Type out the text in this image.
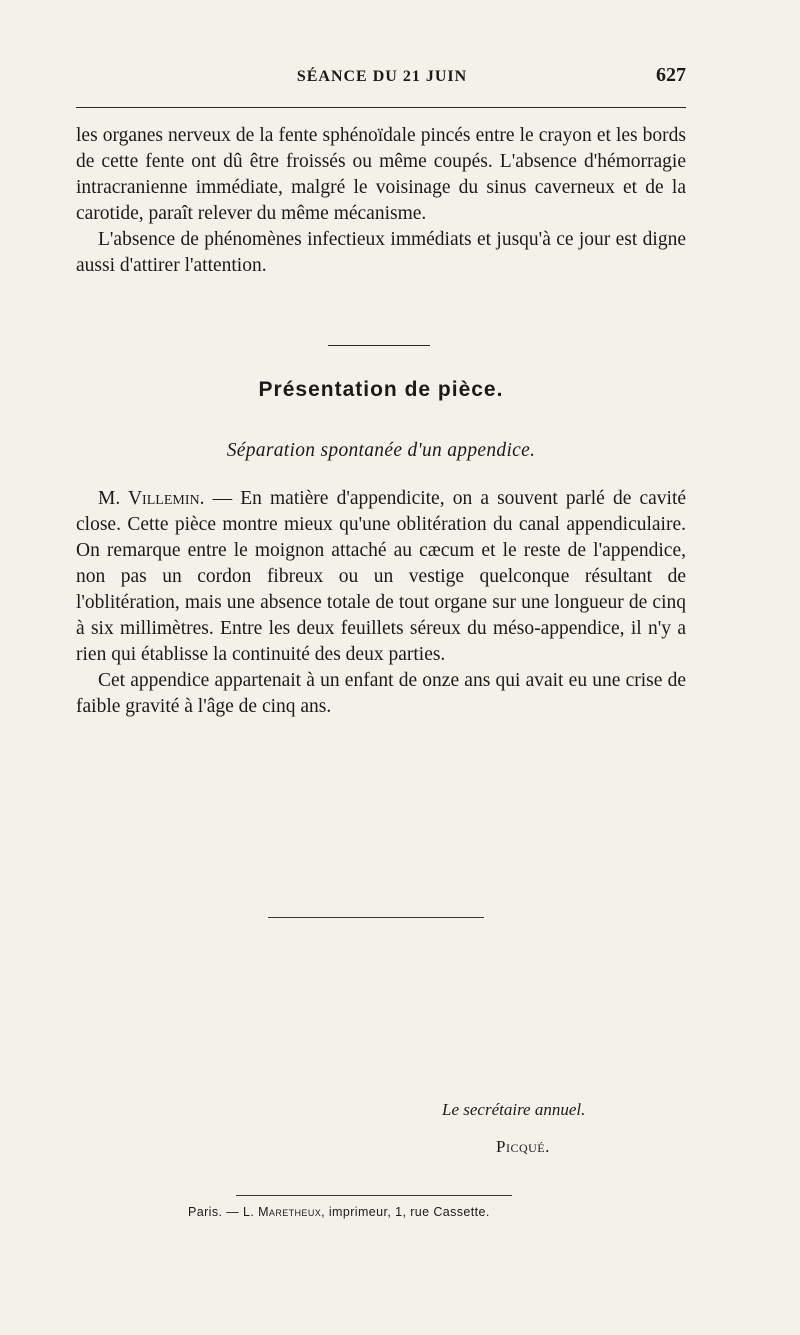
SÉANCE DU 21 JUIN	627

les organes nerveux de la fente sphénoïdale pincés entre le crayon et les bords de cette fente ont dû être froissés ou même coupés. L'absence d'hémorragie intracranienne immédiate, malgré le voisinage du sinus caverneux et de la carotide, paraît relever du même mécanisme.

L'absence de phénomènes infectieux immédiats et jusqu'à ce jour est digne aussi d'attirer l'attention.

Présentation de pièce.
Séparation spontanée d'un appendice.

M. Villemin. — En matière d'appendicite, on a souvent parlé de cavité close. Cette pièce montre mieux qu'une oblitération du canal appendiculaire. On remarque entre le moignon attaché au cæcum et le reste de l'appendice, non pas un cordon fibreux ou un vestige quelconque résultant de l'oblitération, mais une absence totale de tout organe sur une longueur de cinq à six millimètres. Entre les deux feuillets séreux du méso-appendice, il n'y a rien qui établisse la continuité des deux parties.

Cet appendice appartenait à un enfant de onze ans qui avait eu une crise de faible gravité à l'âge de cinq ans.

Le secrétaire annuel.
Picqué.
Paris. — L. Maretheux, imprimeur, 1, rue Cassette.
